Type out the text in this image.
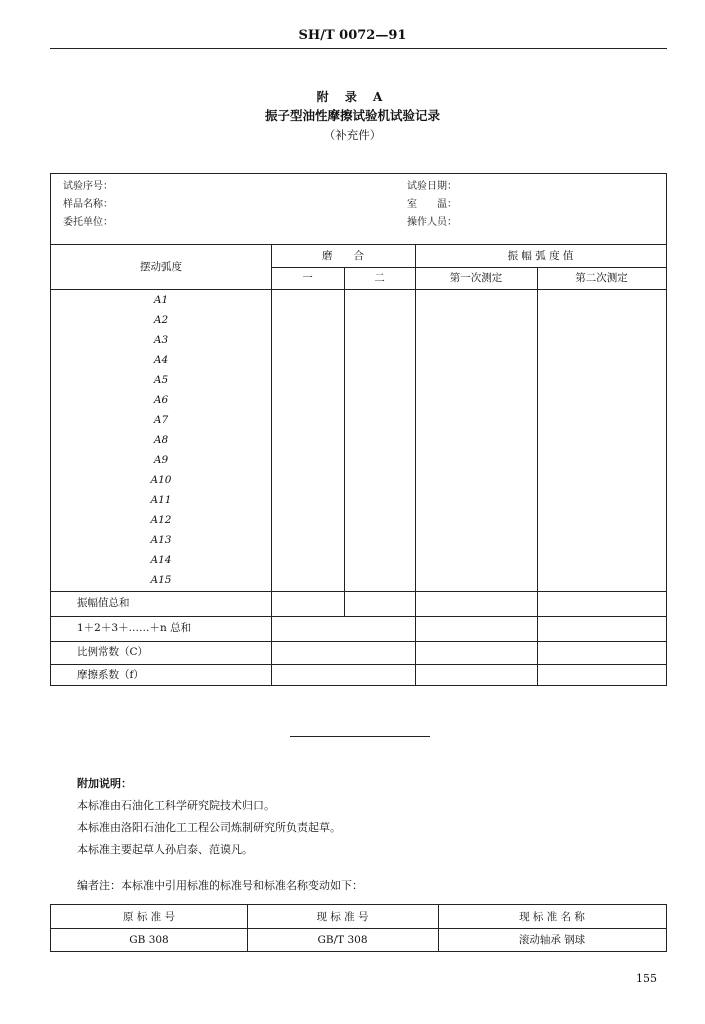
SH/T 0072—91
附 录 A
振子型油性摩擦试验机试验记录
（补充件）
试验序号：
样品名称：
委托单位：
试验日期：
室　　温：
操作人员：
摆动弧度
磨　　合	振 幅 弧 度 值
一	二	第一次测定	第二次测定
A1
A2
A3
A4
A5
A6
A7
A8
A9
A10
A11
A12
A13
A14
A15
振幅值总和
1＋2＋3＋……＋n 总和
比例常数（C）
摩擦系数（f）
附加说明：
本标准由石油化工科学研究院技术归口。
本标准由洛阳石油化工工程公司炼制研究所负责起草。
本标准主要起草人孙启泰、范谟凡。
编者注：本标准中引用标准的标准号和标准名称变动如下：
原 标 准 号	现 标 准 号	现 标 准 名 称
GB 308	GB/T 308	滚动轴承 钢球
155
